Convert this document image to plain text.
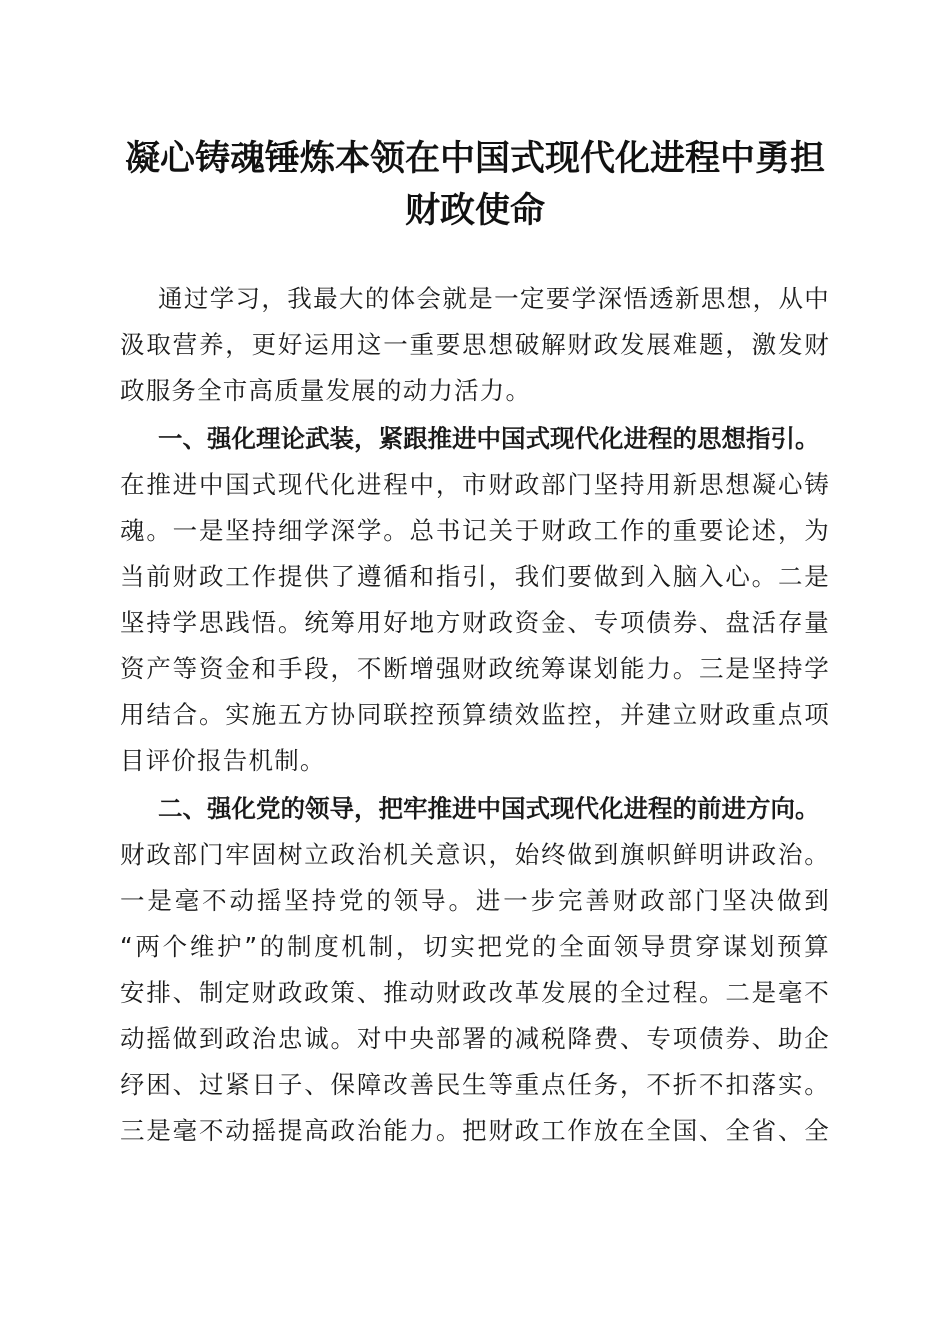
凝心铸魂锤炼本领在中国式现代化进程中勇担
财政使命
通过学习，我最大的体会就是一定要学深悟透新思想，从中
汲取营养，更好运用这一重要思想破解财政发展难题，激发财
政服务全市高质量发展的动力活力。
一、强化理论武装，紧跟推进中国式现代化进程的思想指引。
在推进中国式现代化进程中，市财政部门坚持用新思想凝心铸
魂。一是坚持细学深学。总书记关于财政工作的重要论述，为
当前财政工作提供了遵循和指引，我们要做到入脑入心。二是
坚持学思践悟。统筹用好地方财政资金、专项债券、盘活存量
资产等资金和手段，不断增强财政统筹谋划能力。三是坚持学
用结合。实施五方协同联控预算绩效监控，并建立财政重点项
目评价报告机制。
二、强化党的领导，把牢推进中国式现代化进程的前进方向。
财政部门牢固树立政治机关意识，始终做到旗帜鲜明讲政治。
一是毫不动摇坚持党的领导。进一步完善财政部门坚决做到
“两个维护”的制度机制，切实把党的全面领导贯穿谋划预算
安排、制定财政政策、推动财政改革发展的全过程。二是毫不
动摇做到政治忠诚。对中央部署的减税降费、专项债券、助企
纾困、过紧日子、保障改善民生等重点任务，不折不扣落实。
三是毫不动摇提高政治能力。把财政工作放在全国、全省、全
